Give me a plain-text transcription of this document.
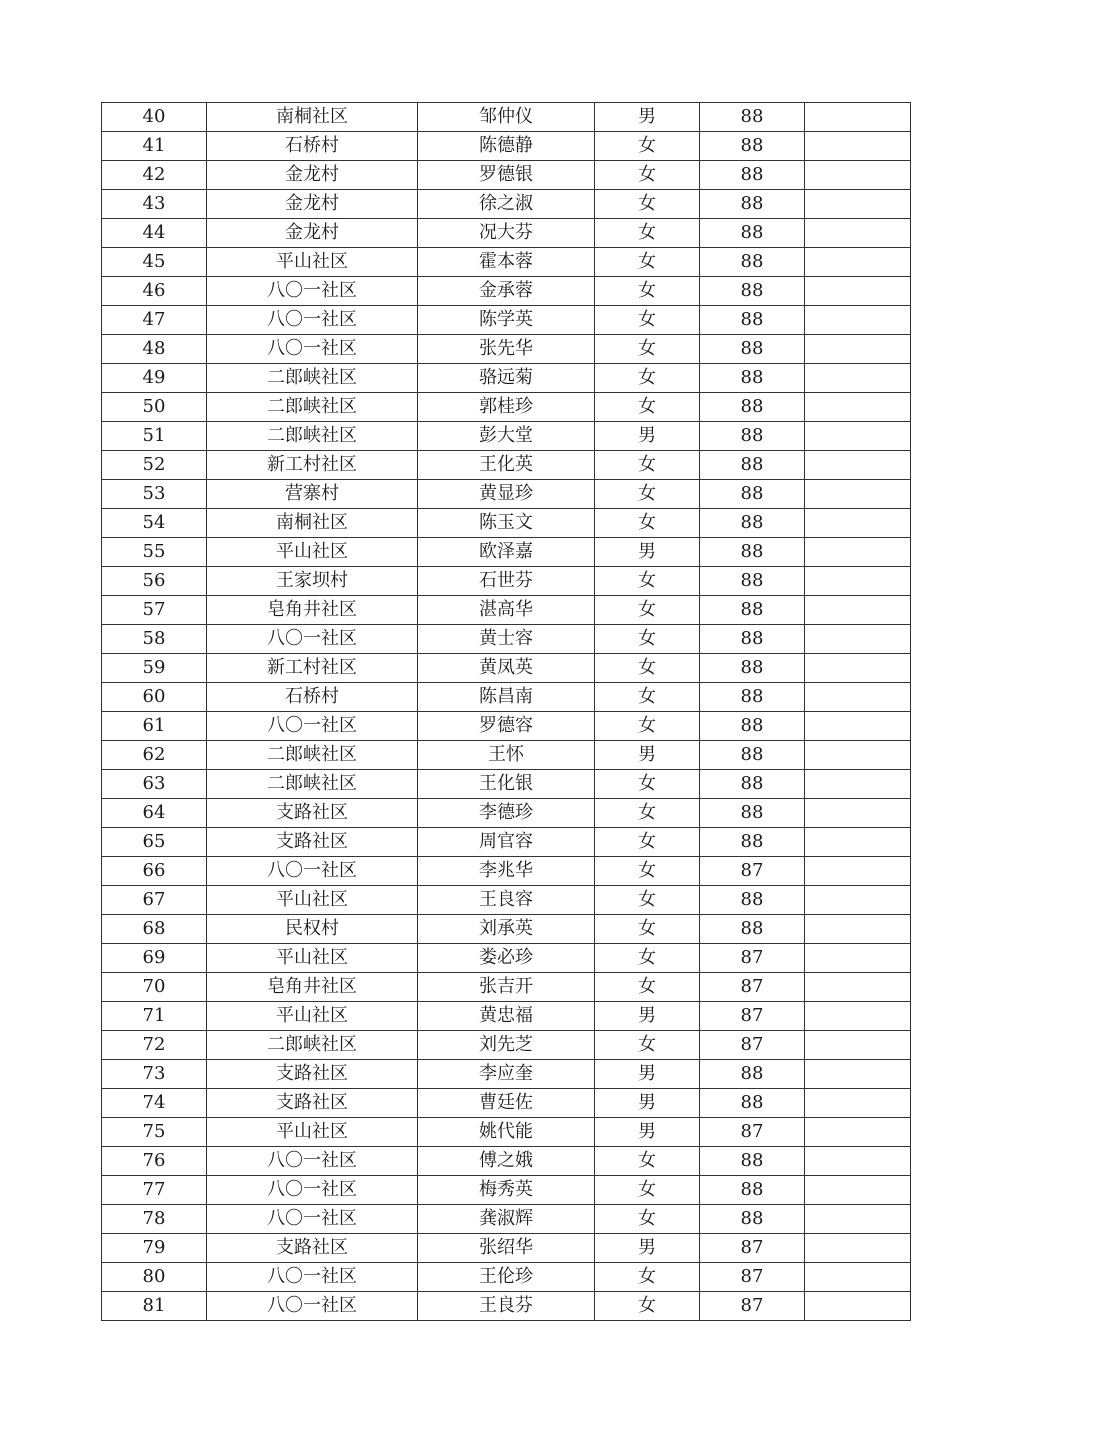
40	南桐社区	邹仲仪	男	88	
41	石桥村	陈德静	女	88	
42	金龙村	罗德银	女	88	
43	金龙村	徐之淑	女	88	
44	金龙村	况大芬	女	88	
45	平山社区	霍本蓉	女	88	
46	八〇一社区	金承蓉	女	88	
47	八〇一社区	陈学英	女	88	
48	八〇一社区	张先华	女	88	
49	二郎峡社区	骆远菊	女	88	
50	二郎峡社区	郭桂珍	女	88	
51	二郎峡社区	彭大堂	男	88	
52	新工村社区	王化英	女	88	
53	营寨村	黄显珍	女	88	
54	南桐社区	陈玉文	女	88	
55	平山社区	欧泽嘉	男	88	
56	王家坝村	石世芬	女	88	
57	皂角井社区	湛高华	女	88	
58	八〇一社区	黄士容	女	88	
59	新工村社区	黄凤英	女	88	
60	石桥村	陈昌南	女	88	
61	八〇一社区	罗德容	女	88	
62	二郎峡社区	王怀	男	88	
63	二郎峡社区	王化银	女	88	
64	支路社区	李德珍	女	88	
65	支路社区	周官容	女	88	
66	八〇一社区	李兆华	女	87	
67	平山社区	王良容	女	88	
68	民权村	刘承英	女	88	
69	平山社区	娄必珍	女	87	
70	皂角井社区	张吉开	女	87	
71	平山社区	黄忠福	男	87	
72	二郎峡社区	刘先芝	女	87	
73	支路社区	李应奎	男	88	
74	支路社区	曹廷佐	男	88	
75	平山社区	姚代能	男	87	
76	八〇一社区	傅之娥	女	88	
77	八〇一社区	梅秀英	女	88	
78	八〇一社区	龚淑辉	女	88	
79	支路社区	张绍华	男	87	
80	八〇一社区	王伦珍	女	87	
81	八〇一社区	王良芬	女	87	
